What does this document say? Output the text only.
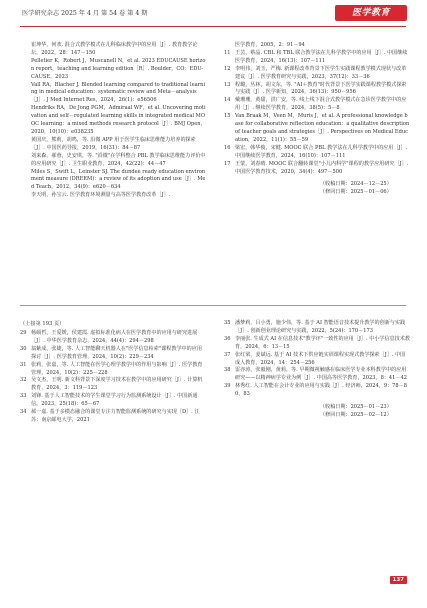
医学研究杂志 2025 年 4 月 第 54 卷 第 4 期	医学教育
崔坤华，何欢. 混合式教学模式在儿科临床教学中的应用［J］. 教育教学论坛，2022，28：147－150
Pelletier K，Robert J，Muscanell N，et al. 2023 EDUCAUSE horizon report，teaching and learning edition［R］. Boulder，CO：EDU-CAUSE，2023
Vall RA，Blacher J. Blended learning compared to traditional learning in medical education：systematic review and Meta－analysis［J］. J Med Internet Res，2024，26(1)：e56506
Hendriks RA，De Jong PGM，Admiraal WF，et al. Uncovering motivation and self－regulated learning skills in integrated medical MOOC learning：a mixed methods research protocol［J］. BMJ Open，2020，10(10)：e038235
黄国庆，熊莉，胡鸣，等. 沿微 APP 用于医学生临床思维能力培养的探索［J］. 中国医药导报，2019，16(31)：84－87
刘来森，郝蓉，史安琪，等. "沿微"在学科整合 PBL 教学临床思维能力评价中的应用研究［J］. 卫生职业教育，2024，42(22)：44－47
Miles S，Swift L，Leinster SJ. The dundee ready education environment measure (DREEM)：a review of its adoption and use［J］. Med Teach，2012，34(9)：e620－634
李天明，孙宝云. 医学教育环境测量与高等医学教育改革［J］.
医学教育，2005，2：91－94
11 王芸，蔡晶. CBL 和 TBL 联合教学法在儿科学教学中的应用［J］. 中国继续医学教育，2024，16(13)：107－111
12 李明伟，刘玉，严梅. 新课程改革背景下医学生实践课程教学模式现状与改革建议［J］. 医学教育研究与实践，2023，37(12)：33－36
13 程璐，丛林，胡文东，等. "AI＋教育"时代背景下医学实践课程教学模式探索与实践［J］. 医学新知，2024，36(13)：950－956
14 戴珊珊，黄甜，洪广安，等. 线上线下混合式教学模式在急诊医学教学中的应用［J］. 继续医学教育，2024，38(5)：5－8
15 Van Braak M，Veen M，Muris J，et al. A professional knowledge base for collaborative reflection education：a qualitative description of teacher goals and strategies［J］. Perspectives on Medical Education，2022，11(1)：55－59
16 梁宏，韩华俊，宋健. MOOC 联合 PBL 教学法在儿科学教学中的应用［J］. 中国继续医学教育，2024，16(10)：107－111
17 王蒙，刘春晴. MOOC 联合翻转课堂"小儿内科学"课程的教学应用研究［J］. 中国医学教育技术，2020，34(4)：497－500
（收稿日期：2024－12－25）
（修回日期：2025－01－06）
（上接第 193 页）
29 杨硕哲，王爱媛，侯建霞. 虚拟标准化病人在医学教育中的应用与研究进展［J］. 中华医学教育杂志，2024，44(4)：294－298
30 翁紫成，张婕，等. 人工智能聊天机器人在"医学信息检索"课程教学中的应用探讨［J］. 医学教育管理，2024，10(2)：229－234
31 张莉，张嘉，等. 人工智能在医学心理学教学中的作用与影响［J］. 医学教育管理，2024，10(2)：225－228
32 吴文杰，王明. 新文科背景下深度学习技术在教学中的应用研究［J］. 计算机教育，2024，3：119－123
33 刘锋. 基于人工智能技术的学生课堂学习行为监测系统设计［J］. 中国新通信，2023，25(18)：65－67
34 郝一嘉. 基于多模态融合的课堂专注力智能监测系统的研究与实现［D］. 江苏：南京邮电大学，2021
35 潘梦莉，吕小勇，施少伟，等. 基于 AI 智能语音技术提升教学的创新与实践［J］. 创新创业理论研究与实践，2022，5(24)：170－173
36 李丽张. 生成式 AI 在信息技术"教学评"一致性的应用［J］. 中小学信息技术教育，2024，6：13－15
37 张红梁，姜斌远. 基于 AI 技术下供应链实训课程实现式教学探索［J］. 中国成人教育，2024，14：254－256
38 雷亦涛，张毅刚，黄莉，等. 早期微视触感在临床医学专业本科教学中的应用研究——以精神病学专业为例［J］. 中国高等医学教育，2023，8：41－42
39 林秀红. 人工智能在会计专业的应用与实践［J］. 经济师，2024，9：78－80，83
（收稿日期：2025－01－23）
（修回日期：2025－02－12）
137
